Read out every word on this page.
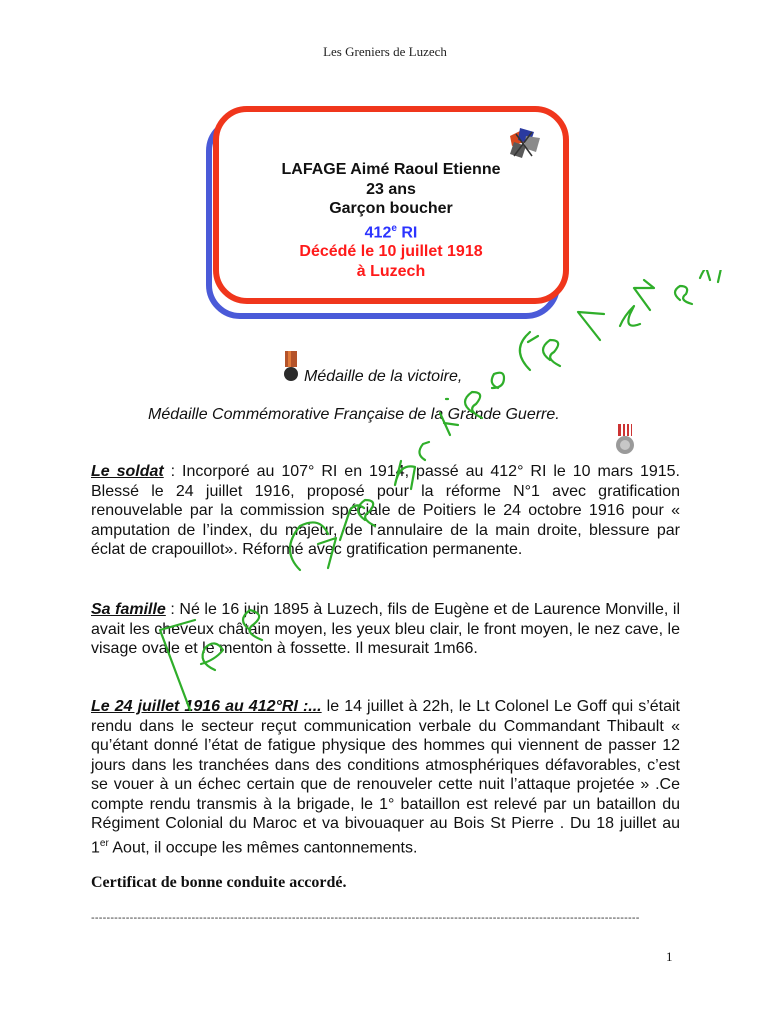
Les Greniers de Luzech
LAFAGE Aimé Raoul Etienne
23 ans
Garçon boucher
412e RI
Décédé le 10 juillet 1918
à Luzech
Médaille de la victoire,
Médaille Commémorative Française de la Grande Guerre.
Le soldat : Incorporé au 107° RI en 1914, passé au 412° RI le 10 mars 1915. Blessé le 24 juillet 1916, proposé pour la réforme N°1 avec gratification renouvelable par la commission spéciale de Poitiers le 24 octobre 1916 pour « amputation de l’index, du majeur, de l’annulaire de la main droite, blessure par éclat de crapouillot». Réformé avec gratification permanente.
Sa famille : Né le 16 juin 1895 à Luzech, fils de Eugène et de Laurence Monville, il avait les cheveux châtain moyen, les yeux bleu clair, le front moyen, le nez cave, le visage ovale et le menton à fossette. Il mesurait 1m66.
Le 24 juillet 1916 au 412°RI :... le 14 juillet à 22h, le Lt Colonel Le Goff qui s’était rendu dans le secteur reçut communication verbale du Commandant Thibault « qu’étant donné l’état de fatigue physique des hommes qui viennent de passer 12 jours dans les tranchées dans des conditions atmosphériques défavorables, c’est se vouer à un échec certain que de renouveler cette nuit l’attaque projetée » .Ce compte rendu transmis à la brigade, le 1° bataillon est relevé par un bataillon du Régiment Colonial du Maroc et va bivouaquer au Bois St Pierre . Du 18 juillet au 1er Aout, il occupe les mêmes cantonnements.
Certificat de bonne conduite accordé.
----------------------------------------------------------------------------------------------------------------------------------------------
1
